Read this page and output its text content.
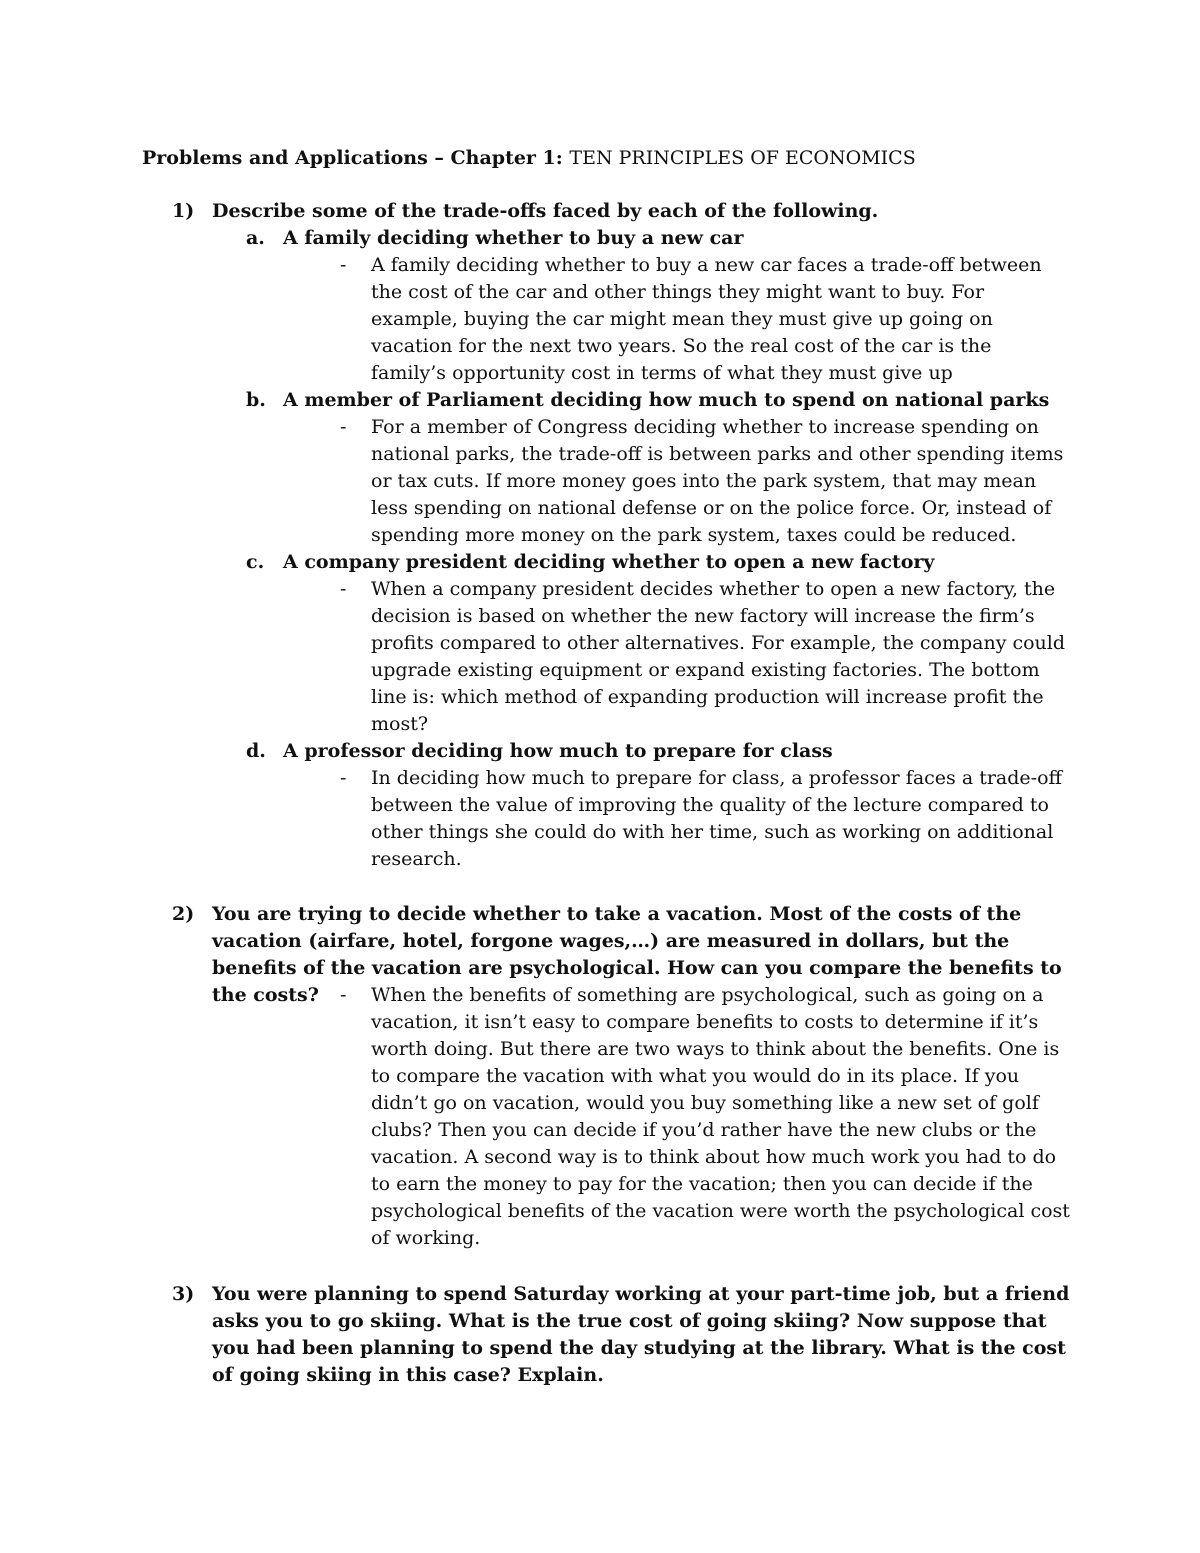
Problems and Applications – Chapter 1: TEN PRINCIPLES OF ECONOMICS
1) Describe some of the trade-offs faced by each of the following.
a. A family deciding whether to buy a new car
- A family deciding whether to buy a new car faces a trade-off between the cost of the car and other things they might want to buy. For example, buying the car might mean they must give up going on vacation for the next two years. So the real cost of the car is the family’s opportunity cost in terms of what they must give up
b. A member of Parliament deciding how much to spend on national parks
- For a member of Congress deciding whether to increase spending on national parks, the trade-off is between parks and other spending items or tax cuts. If more money goes into the park system, that may mean less spending on national defense or on the police force. Or, instead of spending more money on the park system, taxes could be reduced.
c. A company president deciding whether to open a new factory
- When a company president decides whether to open a new factory, the decision is based on whether the new factory will increase the firm’s profits compared to other alternatives. For example, the company could upgrade existing equipment or expand existing factories. The bottom line is: which method of expanding production will increase profit the most?
d. A professor deciding how much to prepare for class
- In deciding how much to prepare for class, a professor faces a trade-off between the value of improving the quality of the lecture compared to other things she could do with her time, such as working on additional research.
2) You are trying to decide whether to take a vacation. Most of the costs of the vacation (airfare, hotel, forgone wages,…) are measured in dollars, but the benefits of the vacation are psychological. How can you compare the benefits to the costs?	- When the benefits of something are psychological, such as going on a vacation, it isn’t easy to compare benefits to costs to determine if it’s worth doing. But there are two ways to think about the benefits. One is to compare the vacation with what you would do in its place. If you didn’t go on vacation, would you buy something like a new set of golf clubs? Then you can decide if you’d rather have the new clubs or the vacation. A second way is to think about how much work you had to do to earn the money to pay for the vacation; then you can decide if the psychological benefits of the vacation were worth the psychological cost of working.
3) You were planning to spend Saturday working at your part-time job, but a friend asks you to go skiing. What is the true cost of going skiing? Now suppose that you had been planning to spend the day studying at the library. What is the cost of going skiing in this case? Explain.
